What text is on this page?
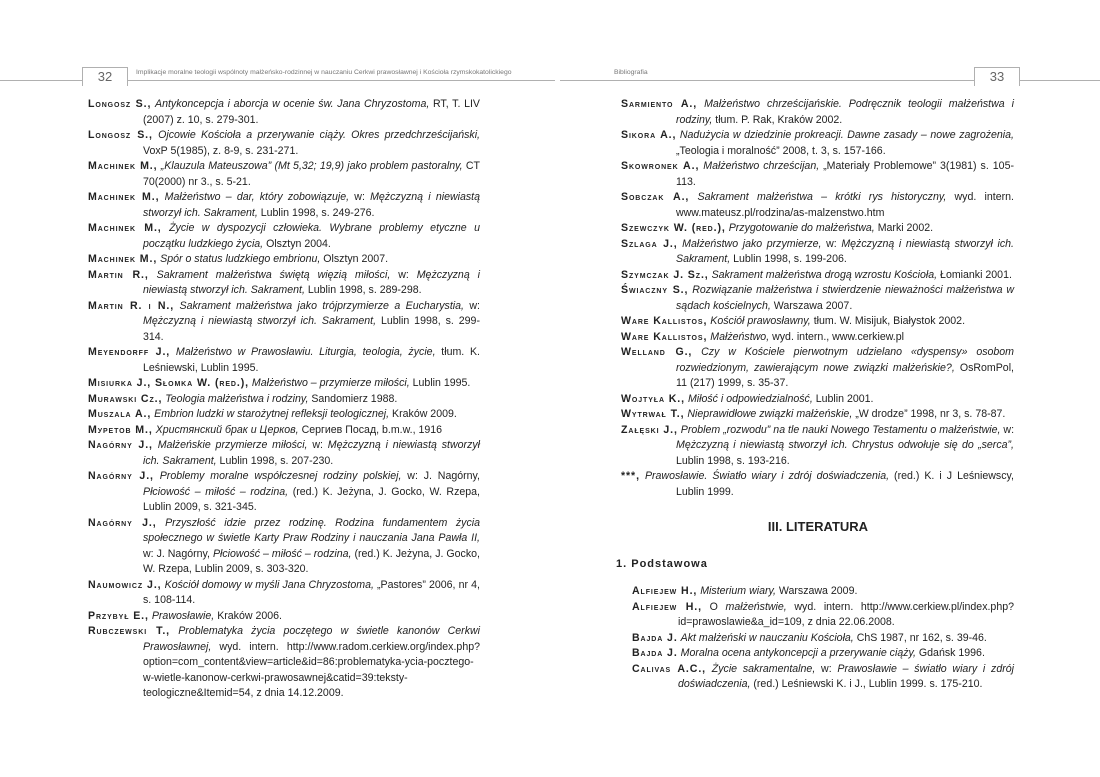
32	33
Implikacje moralne teologii wspólnoty małżeńsko-rodzinnej w nauczaniu Cerkwi prawosławnej i Kościoła rzymskokatolickiego	Bibliografia

Longosz S., Antykoncepcja i aborcja w ocenie św. Jana Chryzostoma, RT, T. LIV (2007) z. 10, s. 279-301.

Longosz S., Ojcowie Kościoła a przerywanie ciąży. Okres przedchrześcijański, VoxP 5(1985), z. 8-9, s. 231-271.

Machinek M., „Klauzula Mateuszowa” (Mt 5,32; 19,9) jako problem pastoralny, CT 70(2000) nr 3., s. 5-21.

Machinek M., Małżeństwo – dar, który zobowiązuje, w: Mężczyzną i niewiastą stworzył ich. Sakrament, Lublin 1998, s. 249-276.

Machinek M., Życie w dyspozycji człowieka. Wybrane problemy etyczne u początku ludzkiego życia, Olsztyn 2004.

Machinek M., Spór o status ludzkiego embrionu, Olsztyn 2007.

Martin R., Sakrament małżeństwa świętą więzią miłości, w: Mężczyzną i niewiastą stworzył ich. Sakrament, Lublin 1998, s. 289-298.

Martin R. i N., Sakrament małżeństwa jako trójprzymierze a Eucharystia, w: Mężczyzną i niewiastą stworzył ich. Sakrament, Lublin 1998, s. 299-314.

Meyendorff J., Małżeństwo w Prawosławiu. Liturgia, teologia, życie, tłum. K. Leśniewski, Lublin 1995.

Misiurka J., Słomka W. (red.), Małżeństwo – przymierze miłości, Lublin 1995.

Murawski Cz., Teologia małżeństwa i rodziny, Sandomierz 1988.

Muszala A., Embrion ludzki w starożytnej refleksji teologicznej, Kraków 2009.

Мурeтов M., Христянский брак и Церков, Сергиев Посад, b.m.w., 1916

Nagórny J., Małżeńskie przymierze miłości, w: Mężczyzną i niewiastą stworzył ich. Sakrament, Lublin 1998, s. 207-230.

Nagórny J., Problemy moralne współczesnej rodziny polskiej, w: J. Nagórny, Płciowość – miłość – rodzina, (red.) K. Jeżyna, J. Gocko, W. Rzepa, Lublin 2009, s. 321-345.

Nagórny J., Przyszłość idzie przez rodzinę. Rodzina fundamentem życia społecznego w świetle Karty Praw Rodziny i nauczania Jana Pawła II, w: J. Nagórny, Płciowość – miłość – rodzina, (red.) K. Jeżyna, J. Gocko, W. Rzepa, Lublin 2009, s. 303-320.

Naumowicz J., Kościół domowy w myśli Jana Chryzostoma, „Pastores” 2006, nr 4, s. 108-114.

Przybył E., Prawosławie, Kraków 2006.

Rubczewski T., Problematyka życia poczętego w świetle kanonów Cerkwi Prawosławnej, wyd. intern. http://www.radom.cerkiew.org/index.php?option=com_content&view=article&id=86:problematyka-ycia-pocztego-w-wietle-kanonow-cerkwi-prawosawnej&catid=39:teksty-teologiczne&Itemid=54, z dnia 14.12.2009.

Sarmiento A., Małżeństwo chrześcijańskie. Podręcznik teologii małżeństwa i rodziny, tłum. P. Rak, Kraków 2002.

Sikora A., Nadużycia w dziedzinie prokreacji. Dawne zasady – nowe zagrożenia, „Teologia i moralność” 2008, t. 3, s. 157-166.

Skowronek A., Małżeństwo chrześcijan, „Materiały Problemowe” 3(1981) s. 105-113.

Sobczak A., Sakrament małżeństwa – krótki rys historyczny, wyd. intern. www.mateusz.pl/rodzina/as-malzenstwo.htm

Szewczyk W. (red.), Przygotowanie do małżeństwa, Marki 2002.

Szlaga J., Małżeństwo jako przymierze, w: Mężczyzną i niewiastą stworzył ich. Sakrament, Lublin 1998, s. 199-206.

Szymczak J. Sz., Sakrament małżeństwa drogą wzrostu Kościoła, Łomianki 2001.

Świaczny S., Rozwiązanie małżeństwa i stwierdzenie nieważności małżeństwa w sądach kościelnych, Warszawa 2007.

Ware Kallistos, Kościół prawosławny, tłum. W. Misijuk, Białystok 2002.

Ware Kallistos, Małżeństwo, wyd. intern., www.cerkiew.pl

Welland G., Czy w Kościele pierwotnym udzielano «dyspensy» osobom rozwiedzionym, zawierającym nowe związki małżeńskie?, OsRomPol, 11 (217) 1999, s. 35-37.

Wojtyła K., Miłość i odpowiedzialność, Lublin 2001.

Wytrwał T., Nieprawidłowe związki małżeńskie, „W drodze” 1998, nr 3, s. 78-87.

Załęski J., Problem „rozwodu” na tle nauki Nowego Testamentu o małżeństwie, w: Mężczyzną i niewiastą stworzył ich. Chrystus odwołuje się do „serca”, Lublin 1998, s. 193-216.

***, Prawosławie. Światło wiary i zdrój doświadczenia, (red.) K. i J Leśniewscy, Lublin 1999.

III. LITERATURA
1. Podstawowa

Alfiejew H., Misterium wiary, Warszawa 2009.

Alfiejew H., O małżeństwie, wyd. intern. http://www.cerkiew.pl/index.php?id=prawoslawie&a_id=109, z dnia 22.06.2008.

Bajda J. Akt małżeński w nauczaniu Kościoła, ChS 1987, nr 162, s. 39-46.

Bajda J. Moralna ocena antykoncepcji a przerywanie ciąży, Gdańsk 1996.

Calivas A.C., Życie sakramentalne, w: Prawosławie – światło wiary i zdrój doświadczenia, (red.) Leśniewski K. i J., Lublin 1999. s. 175-210.
